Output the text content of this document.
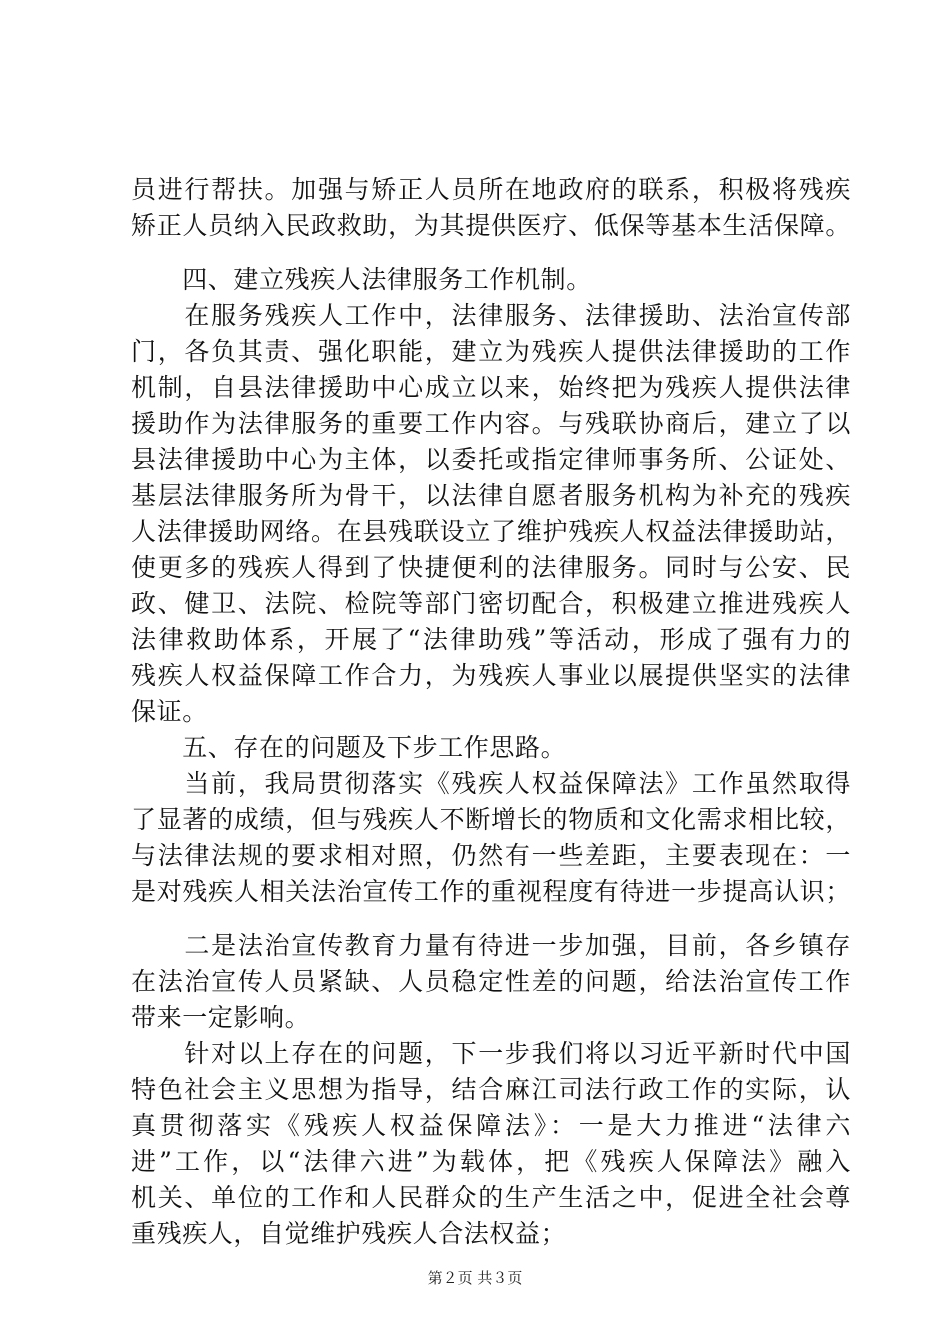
员进行帮扶。加强与矫正人员所在地政府的联系，积极将残疾
矫正人员纳入民政救助，为其提供医疗、低保等基本生活保障。
　　四、建立残疾人法律服务工作机制。
　　在服务残疾人工作中，法律服务、法律援助、法治宣传部
门，各负其责、强化职能，建立为残疾人提供法律援助的工作
机制，自县法律援助中心成立以来，始终把为残疾人提供法律
援助作为法律服务的重要工作内容。与残联协商后，建立了以
县法律援助中心为主体，以委托或指定律师事务所、公证处、
基层法律服务所为骨干，以法律自愿者服务机构为补充的残疾
人法律援助网络。在县残联设立了维护残疾人权益法律援助站，
使更多的残疾人得到了快捷便利的法律服务。同时与公安、民
政、健卫、法院、检院等部门密切配合，积极建立推进残疾人
法律救助体系，开展了“法律助残”等活动，形成了强有力的
残疾人权益保障工作合力，为残疾人事业以展提供坚实的法律
保证。
　　五、存在的问题及下步工作思路。
　　当前，我局贯彻落实《残疾人权益保障法》工作虽然取得
了显著的成绩，但与残疾人不断增长的物质和文化需求相比较，
与法律法规的要求相对照，仍然有一些差距，主要表现在：一
是对残疾人相关法治宣传工作的重视程度有待进一步提高认识；
　　二是法治宣传教育力量有待进一步加强，目前，各乡镇存
在法治宣传人员紧缺、人员稳定性差的问题，给法治宣传工作
带来一定影响。
　　针对以上存在的问题，下一步我们将以习近平新时代中国
特色社会主义思想为指导，结合麻江司法行政工作的实际，认
真贯彻落实《残疾人权益保障法》：一是大力推进“法律六
进”工作，以“法律六进”为载体，把《残疾人保障法》融入
机关、单位的工作和人民群众的生产生活之中，促进全社会尊
重残疾人，自觉维护残疾人合法权益；
第２页 共３页
